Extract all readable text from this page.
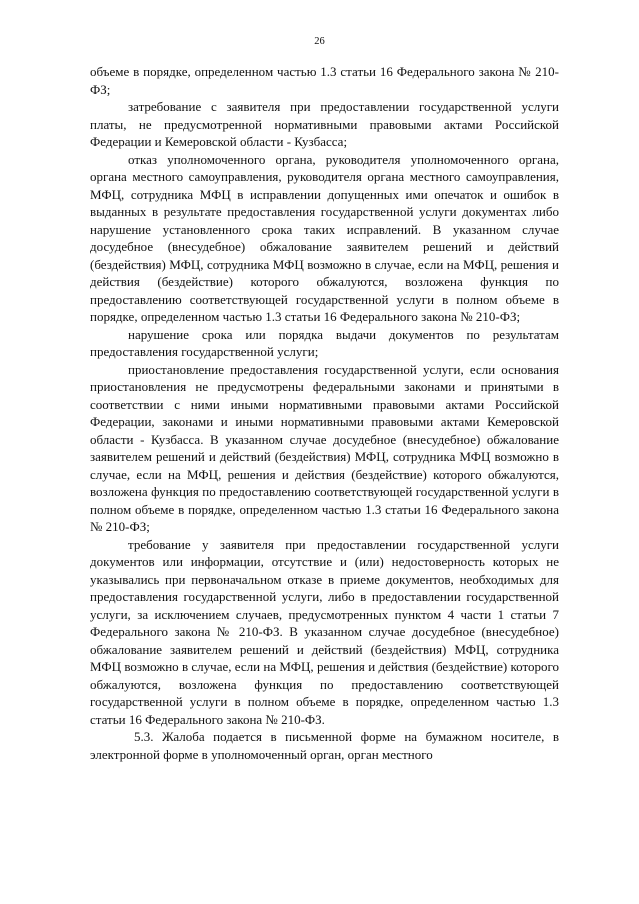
26

объеме в порядке, определенном частью 1.3 статьи 16 Федерального закона № 210-ФЗ;

затребование с заявителя при предоставлении государственной услуги платы, не предусмотренной нормативными правовыми актами Российской Федерации и Кемеровской области - Кузбасса;

отказ уполномоченного органа, руководителя уполномоченного органа, органа местного самоуправления, руководителя органа местного самоуправления, МФЦ, сотрудника МФЦ в исправлении допущенных ими опечаток и ошибок в выданных в результате предоставления государственной услуги документах либо нарушение установленного срока таких исправлений. В указанном случае досудебное (внесудебное) обжалование заявителем решений и действий (бездействия) МФЦ, сотрудника МФЦ возможно в случае, если на МФЦ, решения и действия (бездействие) которого обжалуются, возложена функция по предоставлению соответствующей государственной услуги в полном объеме в порядке, определенном частью 1.3 статьи 16 Федерального закона № 210-ФЗ;

нарушение срока или порядка выдачи документов по результатам предоставления государственной услуги;

приостановление предоставления государственной услуги, если основания приостановления не предусмотрены федеральными законами и принятыми в соответствии с ними иными нормативными правовыми актами Российской Федерации, законами и иными нормативными правовыми актами Кемеровской области - Кузбасса. В указанном случае досудебное (внесудебное) обжалование заявителем решений и действий (бездействия) МФЦ, сотрудника МФЦ возможно в случае, если на МФЦ, решения и действия (бездействие) которого обжалуются, возложена функция по предоставлению соответствующей государственной услуги в полном объеме в порядке, определенном частью 1.3 статьи 16 Федерального закона № 210-ФЗ;

требование у заявителя при предоставлении государственной услуги документов или информации, отсутствие и (или) недостоверность которых не указывались при первоначальном отказе в приеме документов, необходимых для предоставления государственной услуги, либо в предоставлении государственной услуги, за исключением случаев, предусмотренных пунктом 4 части 1 статьи 7 Федерального закона № 210-ФЗ. В указанном случае досудебное (внесудебное) обжалование заявителем решений и действий (бездействия) МФЦ, сотрудника МФЦ возможно в случае, если на МФЦ, решения и действия (бездействие) которого обжалуются, возложена функция по предоставлению соответствующей государственной услуги в полном объеме в порядке, определенном частью 1.3 статьи 16 Федерального закона № 210-ФЗ.

5.3. Жалоба подается в письменной форме на бумажном носителе, в электронной форме в уполномоченный орган, орган местного
